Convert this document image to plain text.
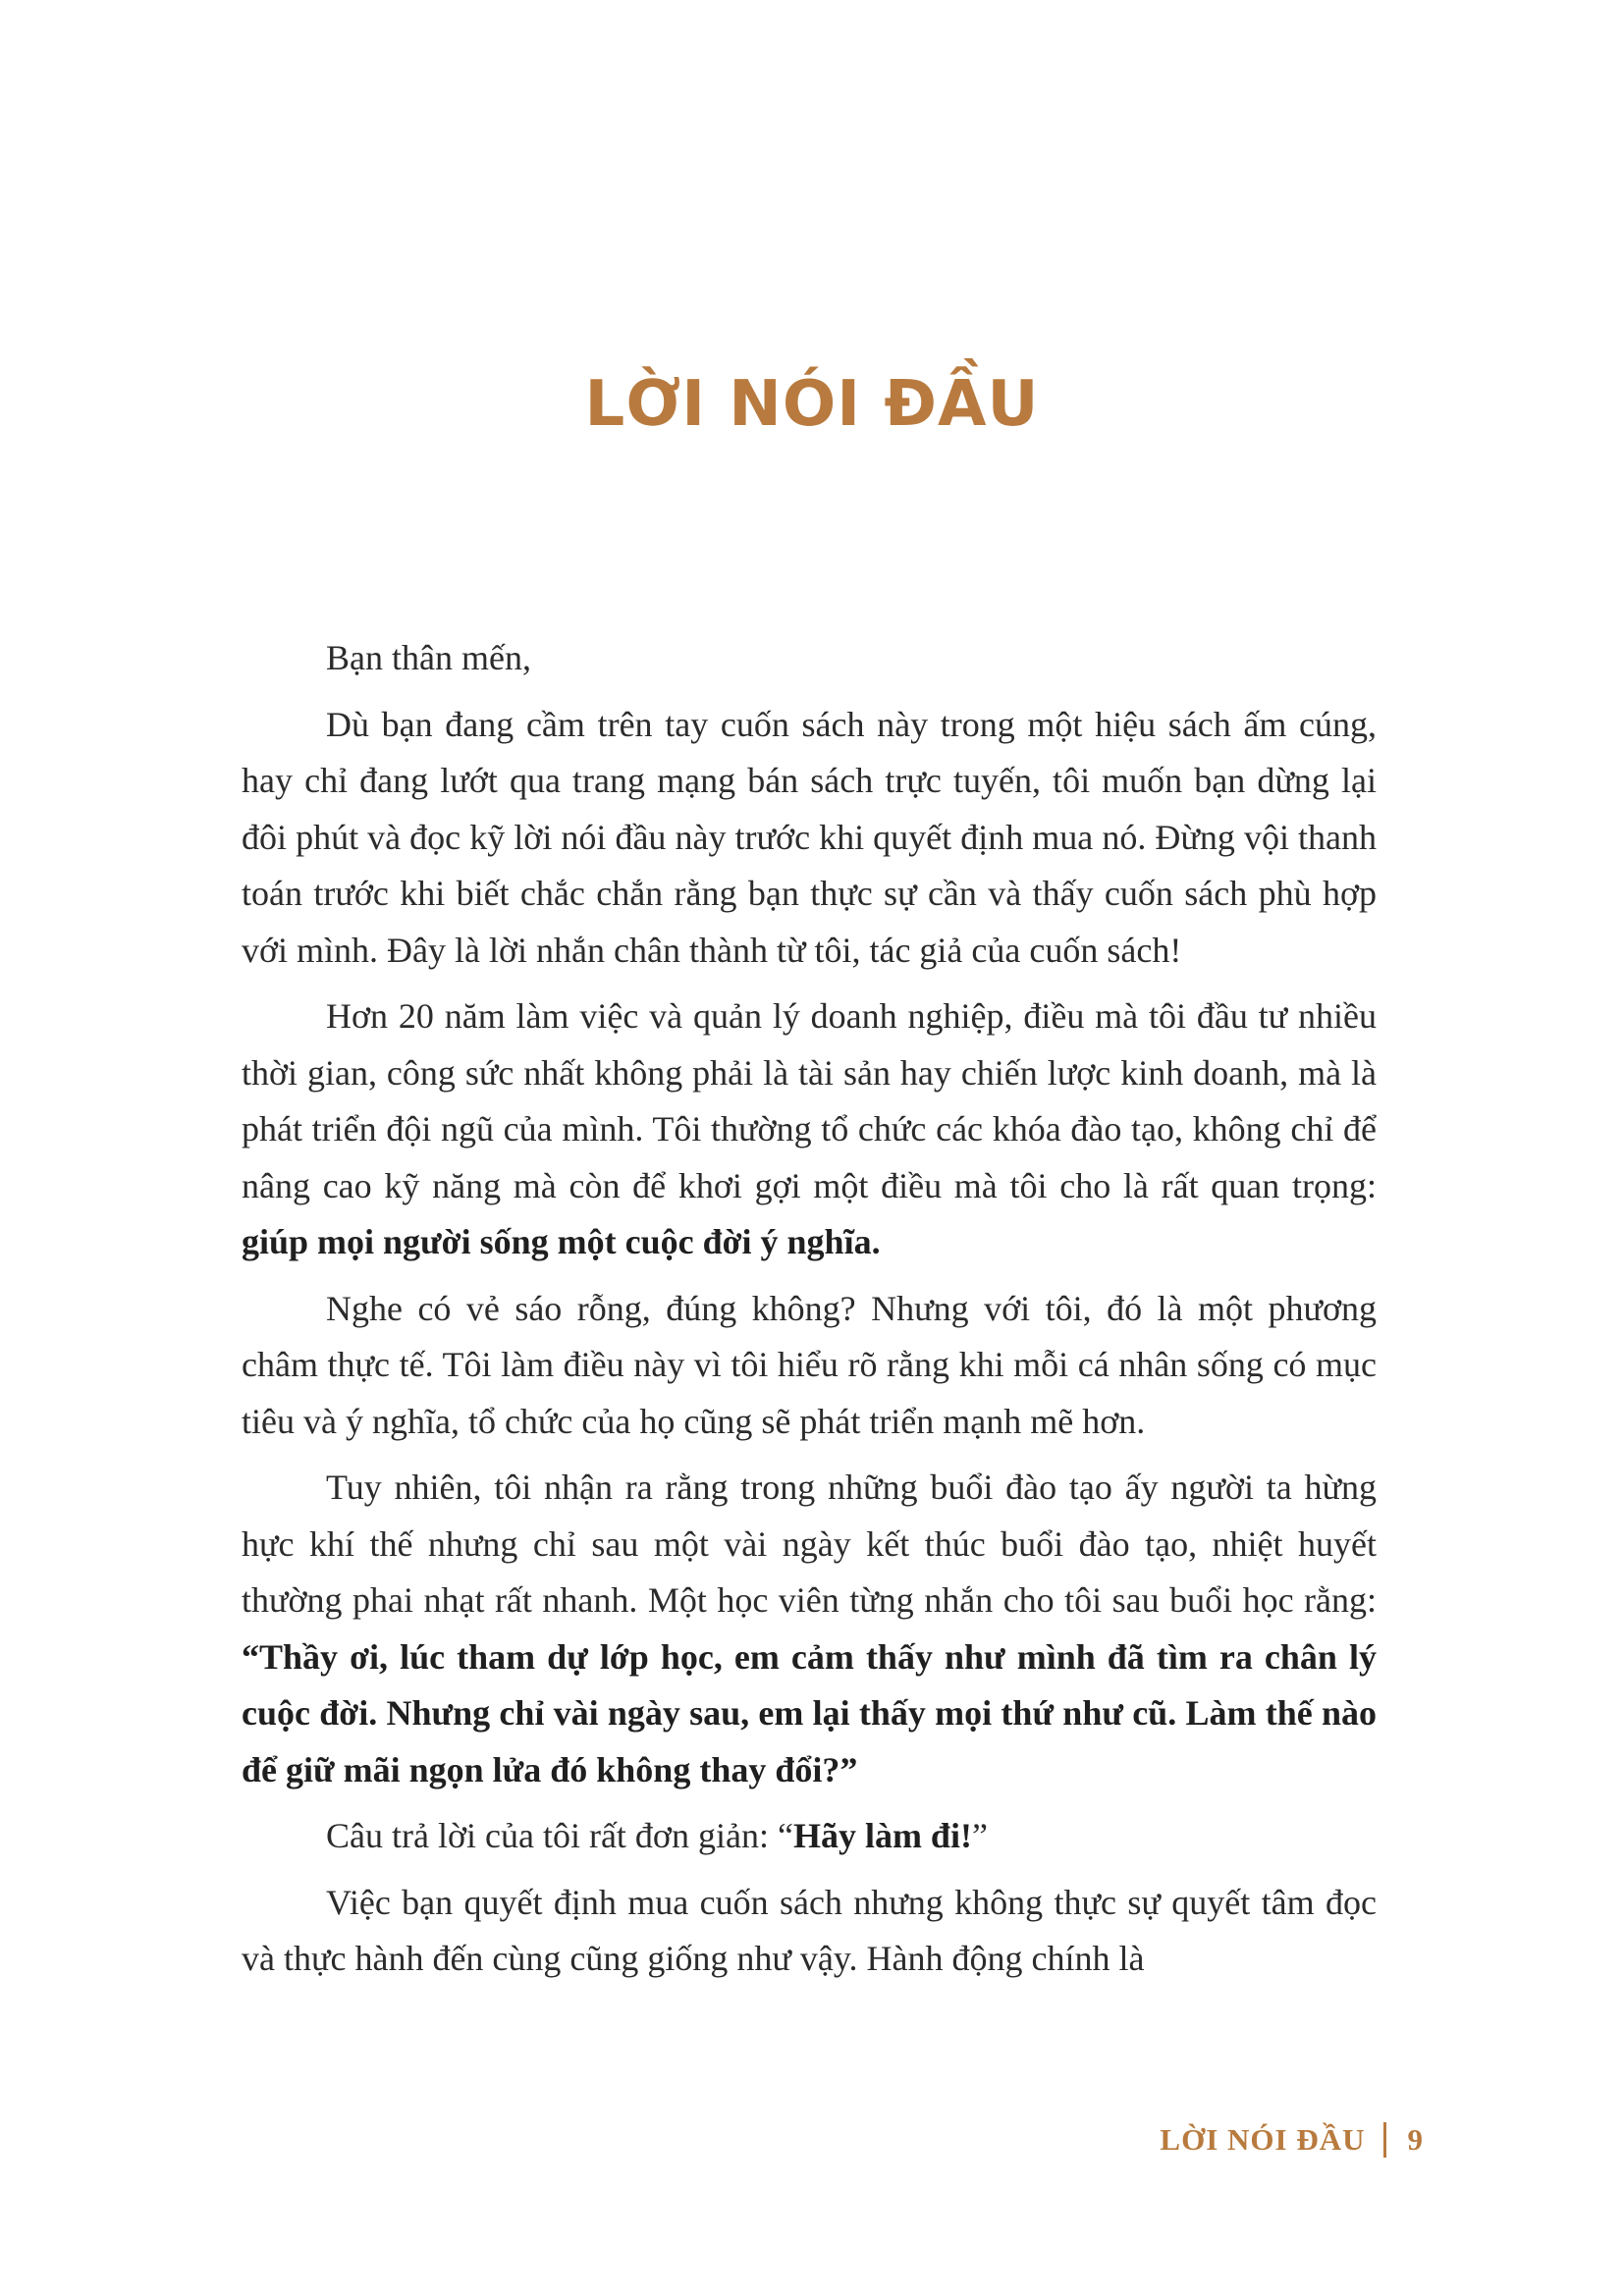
LỜI NÓI ĐẦU

Bạn thân mến,

Dù bạn đang cầm trên tay cuốn sách này trong một hiệu sách ấm cúng, hay chỉ đang lướt qua trang mạng bán sách trực tuyến, tôi muốn bạn dừng lại đôi phút và đọc kỹ lời nói đầu này trước khi quyết định mua nó. Đừng vội thanh toán trước khi biết chắc chắn rằng bạn thực sự cần và thấy cuốn sách phù hợp với mình. Đây là lời nhắn chân thành từ tôi, tác giả của cuốn sách!

Hơn 20 năm làm việc và quản lý doanh nghiệp, điều mà tôi đầu tư nhiều thời gian, công sức nhất không phải là tài sản hay chiến lược kinh doanh, mà là phát triển đội ngũ của mình. Tôi thường tổ chức các khóa đào tạo, không chỉ để nâng cao kỹ năng mà còn để khơi gợi một điều mà tôi cho là rất quan trọng: giúp mọi người sống một cuộc đời ý nghĩa.

Nghe có vẻ sáo rỗng, đúng không? Nhưng với tôi, đó là một phương châm thực tế. Tôi làm điều này vì tôi hiểu rõ rằng khi mỗi cá nhân sống có mục tiêu và ý nghĩa, tổ chức của họ cũng sẽ phát triển mạnh mẽ hơn.

Tuy nhiên, tôi nhận ra rằng trong những buổi đào tạo ấy người ta hừng hực khí thế nhưng chỉ sau một vài ngày kết thúc buổi đào tạo, nhiệt huyết thường phai nhạt rất nhanh. Một học viên từng nhắn cho tôi sau buổi học rằng: “Thầy ơi, lúc tham dự lớp học, em cảm thấy như mình đã tìm ra chân lý cuộc đời. Nhưng chỉ vài ngày sau, em lại thấy mọi thứ như cũ. Làm thế nào để giữ mãi ngọn lửa đó không thay đổi?”

Câu trả lời của tôi rất đơn giản: “Hãy làm đi!”

Việc bạn quyết định mua cuốn sách nhưng không thực sự quyết tâm đọc và thực hành đến cùng cũng giống như vậy. Hành động chính là

LỜI NÓI ĐẦU 9
